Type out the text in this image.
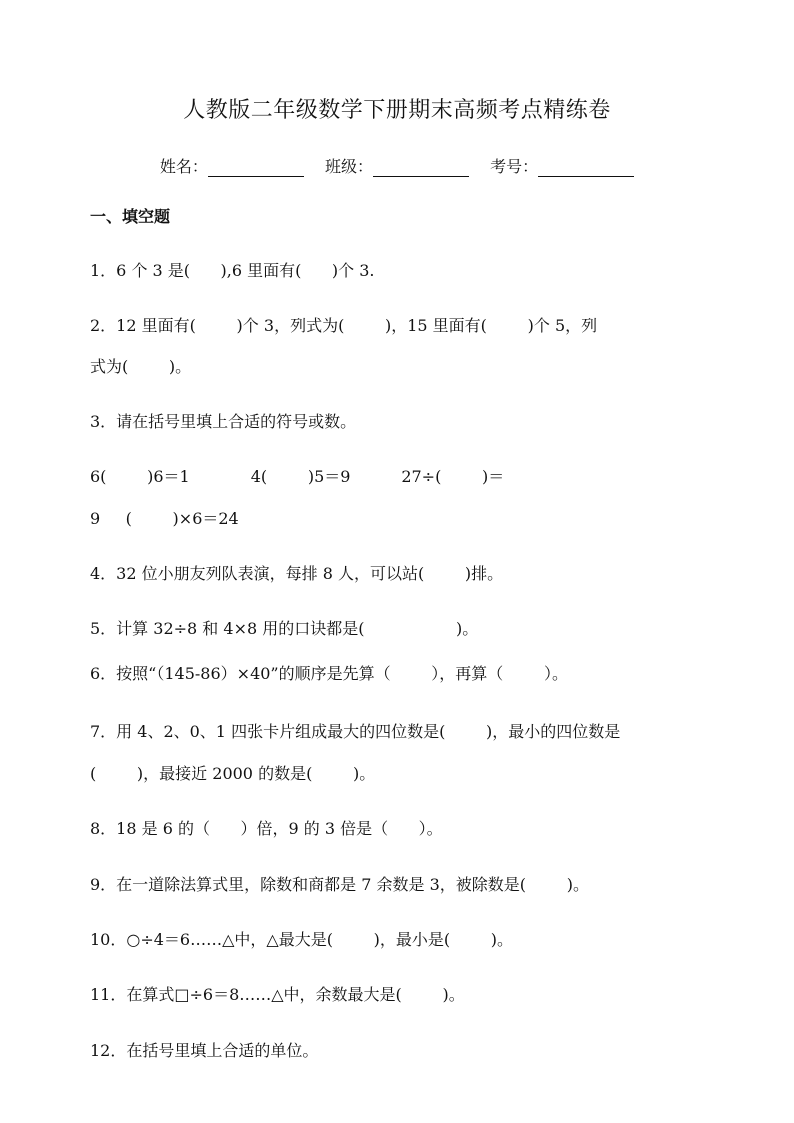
人教版二年级数学下册期末高频考点精练卷
姓名：	班级：	考号：
一、填空题
1．6 个 3 是(      ),6 里面有(      )个 3.
2．12 里面有(        )个 3，列式为(        )，15 里面有(        )个 5，列
式为(        )。
3．请在括号里填上合适的符号或数。
6(        )6＝1            4(        )5＝9          27÷(        )＝
9     (        )×6＝24
4．32 位小朋友列队表演，每排 8 人，可以站(        )排。
5．计算 32÷8 和 4×8 用的口诀都是(                  )。
6．按照“（145-86）×40”的顺序是先算（        ），再算（        ）。
7．用 4、2、0、1 四张卡片组成最大的四位数是(        )，最小的四位数是
(        )，最接近 2000 的数是(        )。
8．18 是 6 的（      ）倍，9 的 3 倍是（      ）。
9．在一道除法算式里，除数和商都是 7 余数是 3，被除数是(        )。
10．○÷4＝6……△中，△最大是(        )，最小是(        )。
11．在算式□÷6＝8……△中，余数最大是(        )。
12．在括号里填上合适的单位。
